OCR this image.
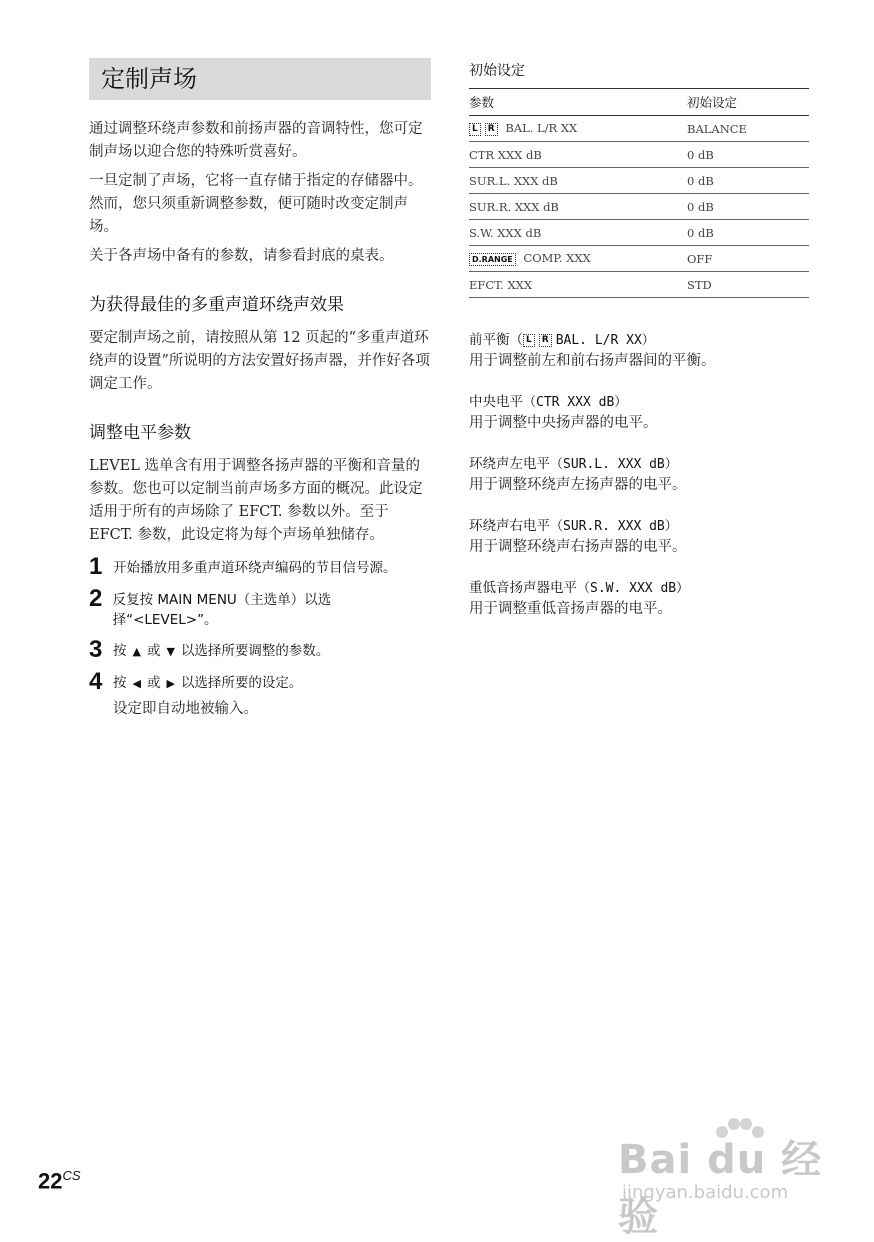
定制声场

通过调整环绕声参数和前扬声器的音调特性，您可定制声场以迎合您的特殊听赏喜好。

一旦定制了声场，它将一直存储于指定的存储器中。然而，您只须重新调整参数，便可随时改变定制声场。

关于各声场中备有的参数，请参看封底的桌表。

为获得最佳的多重声道环绕声效果

要定制声场之前，请按照从第 12 页起的“多重声道环绕声的设置”所说明的方法安置好扬声器，并作好各项调定工作。

调整电平参数

LEVEL 选单含有用于调整各扬声器的平衡和音量的参数。您也可以定制当前声场多方面的概况。此设定适用于所有的声场除了 EFCT. 参数以外。至于 EFCT. 参数，此设定将为每个声场单独储存。

1 开始播放用多重声道环绕声编码的节目信号源。
2 反复按 MAIN MENU（主选单）以选择“<LEVEL>”。
3 按 ▲ 或 ▼ 以选择所要调整的参数。
4 按 ◀ 或 ▶ 以选择所要的设定。
设定即自动地被输入。
初始设定
参数	初始设定
L R BAL. L/R XX	BALANCE
CTR XXX dB	0 dB
SUR.L. XXX dB	0 dB
SUR.R. XXX dB	0 dB
S.W. XXX dB	0 dB
D.RANGE COMP. XXX	OFF
EFCT. XXX	STD
前平衡（ L R BAL. L/R XX）
用于调整前左和前右扬声器间的平衡。
中央电平（CTR XXX dB）
用于调整中央扬声器的电平。
环绕声左电平（SUR.L. XXX dB）
用于调整环绕声左扬声器的电平。
环绕声右电平（SUR.R. XXX dB）
用于调整环绕声右扬声器的电平。
重低音扬声器电平（S.W. XXX dB）
用于调整重低音扬声器的电平。
$22^{CS}$	Bai du 经验
jingyan.baidu.com
